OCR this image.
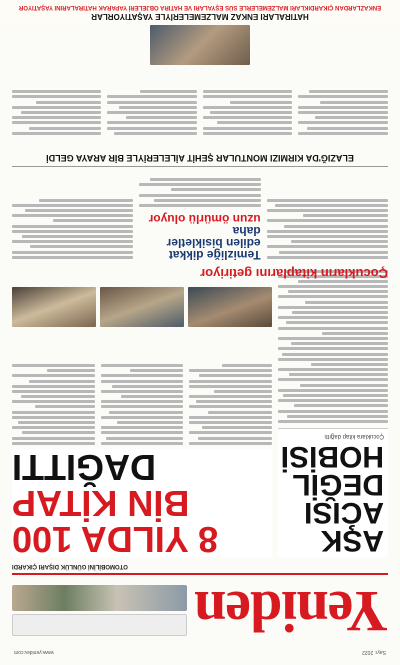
Sayı: 2022
www.yenidev.com
Yeniden
OTOMOBİLİNİ GÜNLÜK DIŞARI ÇIKARDI
AŞK
ACISI
DEĞİL
HOBİSİ
Çocuklara kitap dağıttı
8 YILDA 100
BİN KİTAP
DAĞITTI
Çocukların kitaplarını getiriyor
Temizliğe dikkat
edilen bisikletler daha
uzun ömürlü oluyor
ELAZIĞ'DA KIRMIZI MONTULAR ŞEHİT AİLELERİYLE BİR ARAYA GELDİ
HATIRALARI ENKAZ MALZEMELERİYLE YAŞATIYORLAR
ENKAZLARDAN ÇIKARDIKLARI MALZEMELERLE SÜS EŞYALARI VE HATIRA OBJELERİ YAPARAK HATIRALARINI YAŞATIYOR
